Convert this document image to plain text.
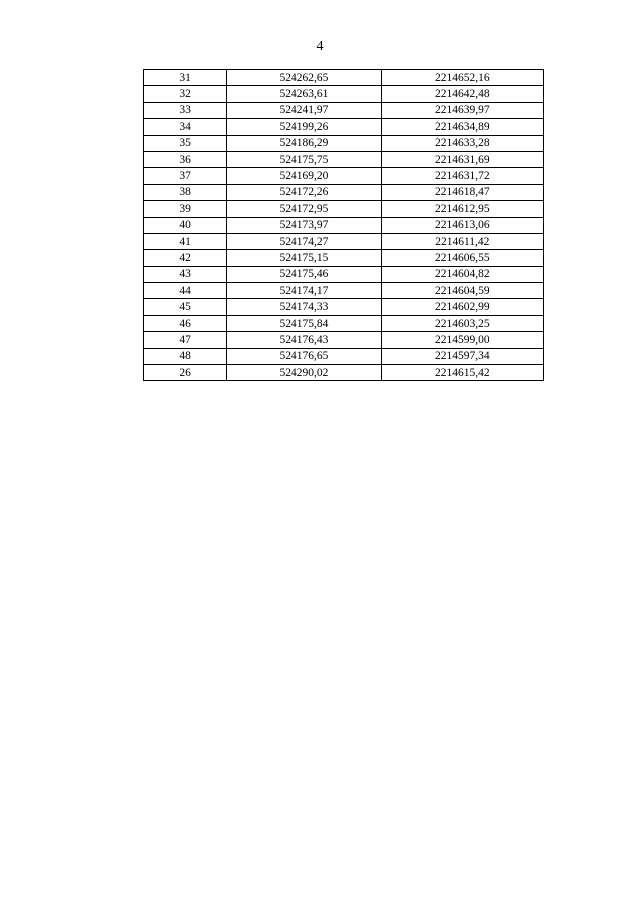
4
31	524262,65	2214652,16
32	524263,61	2214642,48
33	524241,97	2214639,97
34	524199,26	2214634,89
35	524186,29	2214633,28
36	524175,75	2214631,69
37	524169,20	2214631,72
38	524172,26	2214618,47
39	524172,95	2214612,95
40	524173,97	2214613,06
41	524174,27	2214611,42
42	524175,15	2214606,55
43	524175,46	2214604,82
44	524174,17	2214604,59
45	524174,33	2214602,99
46	524175,84	2214603,25
47	524176,43	2214599,00
48	524176,65	2214597,34
26	524290,02	2214615,42
